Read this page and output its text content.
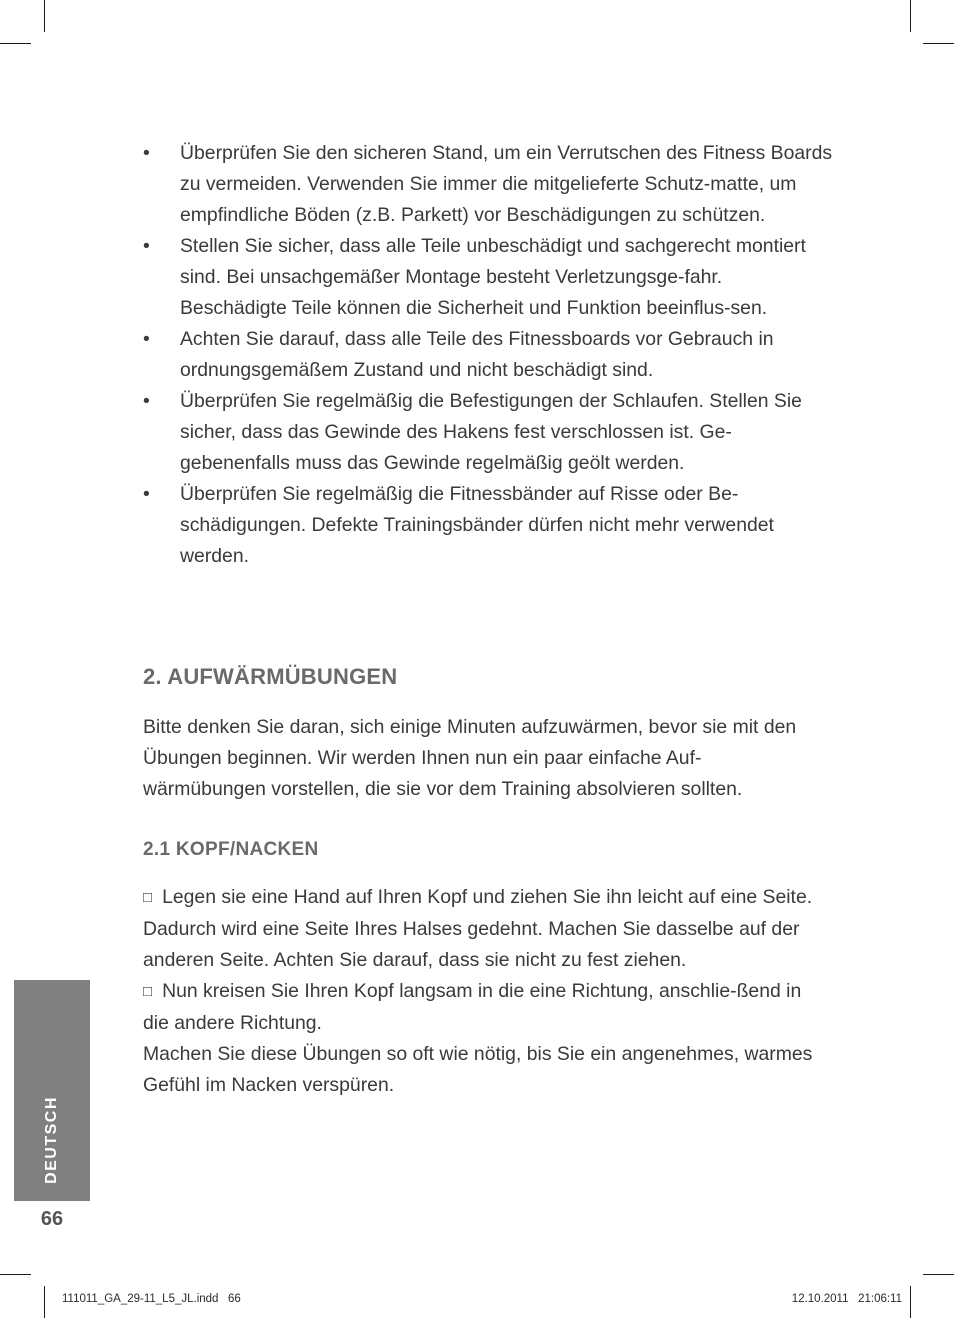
• Überprüfen Sie den sicheren Stand, um ein Verrutschen des Fitness Boards zu vermeiden. Verwenden Sie immer die mitgelieferte Schutz-matte, um empfindliche Böden (z.B. Parkett) vor Beschädigungen zu schützen.
• Stellen Sie sicher, dass alle Teile unbeschädigt und sachgerecht montiert sind. Bei unsachgemäßer Montage besteht Verletzungsge-fahr. Beschädigte Teile können die Sicherheit und Funktion beeinflus-sen.
• Achten Sie darauf, dass alle Teile des Fitnessboards vor Gebrauch in ordnungsgemäßem Zustand und nicht beschädigt sind.
• Überprüfen Sie regelmäßig die Befestigungen der Schlaufen. Stellen Sie sicher, dass das Gewinde des Hakens fest verschlossen ist. Ge-gebenenfalls muss das Gewinde regelmäßig geölt werden.
• Überprüfen Sie regelmäßig die Fitnessbänder auf Risse oder Be-schädigungen. Defekte Trainingsbänder dürfen nicht mehr verwendet werden.
2. AUFWÄRMÜBUNGEN
Bitte denken Sie daran, sich einige Minuten aufzuwärmen, bevor sie mit den Übungen beginnen. Wir werden Ihnen nun ein paar einfache Auf-wärmübungen vorstellen, die sie vor dem Training absolvieren sollten.
2.1 KOPF/NACKEN

□ Legen sie eine Hand auf Ihren Kopf und ziehen Sie ihn leicht auf eine Seite. Dadurch wird eine Seite Ihres Halses gedehnt. Machen Sie dasselbe auf der anderen Seite. Achten Sie darauf, dass sie nicht zu fest ziehen.

□ Nun kreisen Sie Ihren Kopf langsam in die eine Richtung, anschlie-ßend in die andere Richtung.

Machen Sie diese Übungen so oft wie nötig, bis Sie ein angenehmes, warmes Gefühl im Nacken verspüren.

DEUTSCH
66
111011_GA_29-11_L5_JL.indd   66	12.10.2011   21:06:11
